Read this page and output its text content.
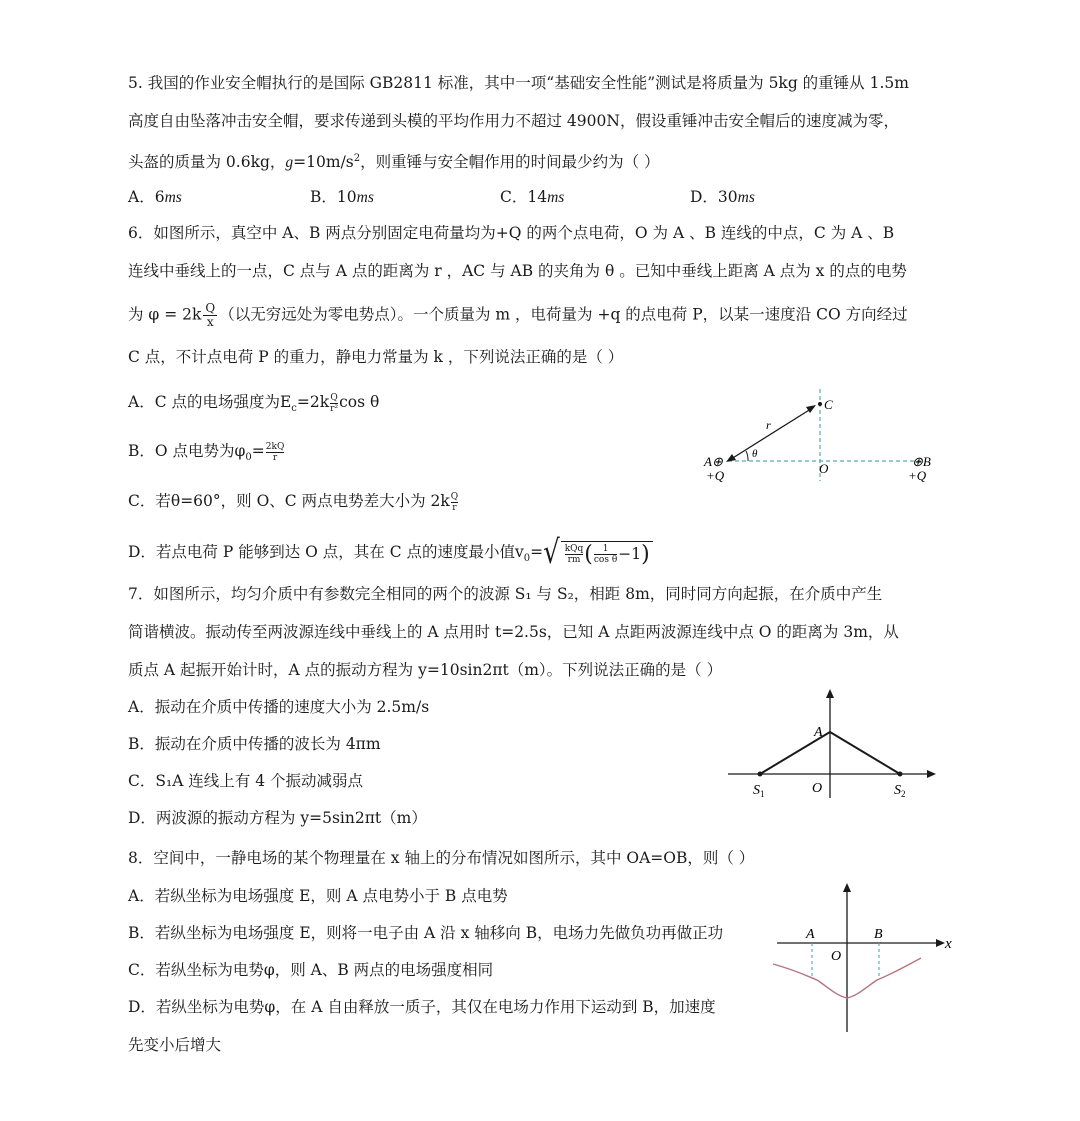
5. 我国的作业安全帽执行的是国际 GB2811 标准，其中一项“基础安全性能”测试是将质量为 5kg 的重锤从 1.5m
高度自由坠落冲击安全帽，要求传递到头模的平均作用力不超过 4900N，假设重锤冲击安全帽后的速度减为零，
头盔的质量为 0.6kg，$g=10m/s^2$，则重锤与安全帽作用的时间最少约为（ ）
A．6ms	B．10ms	C．14ms	D．30ms
6．如图所示，真空中 A、B 两点分别固定电荷量均为+Q 的两个点电荷，O 为 A 、B 连线的中点，C 为 A 、B
连线中垂线上的一点，C 点与 A 点的距离为 r ，AC 与 AB 的夹角为 θ 。已知中垂线上距离 A 点为 x 的点的电势
为 $\varphi = 2k \frac{Q}{x}$ （以无穷远处为零电势点）。一个质量为 m ，电荷量为 +q 的点电荷 P，以某一速度沿 CO 方向经过
C 点，不计点电荷 P 的重力，静电力常量为 k ，下列说法正确的是（ ）
A．C 点的电场强度为$E_c=2k \frac{Q}{\text{r²}}\cos$ θ
B．O 点电势为$\varphi_0= \frac{2kQ}{r}$
C．若θ=60°，则 O、C 两点电势差大小为 $2k \frac{Q}{r}$
D．若点电荷 P 能够到达 O 点，其在 C 点的速度最小值$v_0=√$ kQq
rm ( $\frac{1}{\text{cos θ}}-1$)
C
r
θ
A⊕
+Q	O	⊕B
+Q
7．如图所示，均匀介质中有参数完全相同的两个的波源 S₁ 与 S₂，相距 8m，同时同方向起振，在介质中产生
简谐横波。振动传至两波源连线中垂线上的 A 点用时 t=2.5s，已知 A 点距两波源连线中点 O 的距离为 3m，从
质点 A 起振开始计时，A 点的振动方程为 y=10sin2πt（m）。下列说法正确的是（ ）
A．振动在介质中传播的速度大小为 2.5m/s
B．振动在介质中传播的波长为 4πm
C．S₁A 连线上有 4 个振动减弱点
D．两波源的振动方程为 y=5sin2πt（m）
A
O
$S_1$	$S_2$
8．空间中，一静电场的某个物理量在 x 轴上的分布情况如图所示，其中 OA=OB，则（ ）
A．若纵坐标为电场强度 E，则 A 点电势小于 B 点电势
B．若纵坐标为电场强度 E，则将一电子由 A 沿 x 轴移向 B，电场力先做负功再做正功
C．若纵坐标为电势φ，则 A、B 两点的电场强度相同
D．若纵坐标为电势φ，在 A 自由释放一质子，其仅在电场力作用下运动到 B，加速度
先变小后增大
A	B
O
x
